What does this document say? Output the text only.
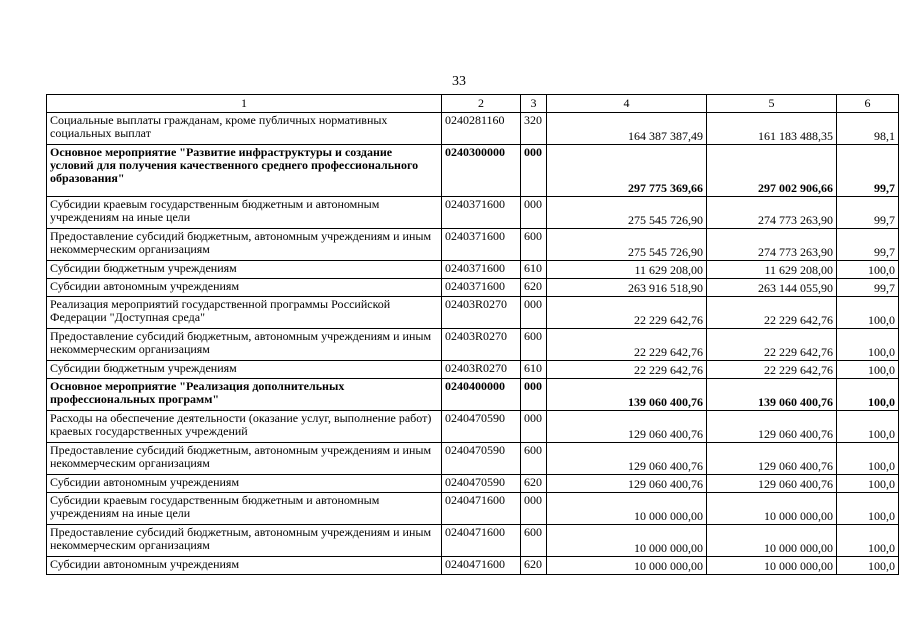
33
1	2	3	4	5	6
Социальные выплаты гражданам, кроме публичных нормативных социальных выплат	0240281160	320	164 387 387,49	161 183 488,35	98,1
Основное мероприятие "Развитие инфраструктуры и создание условий для получения качественного среднего профессионального образования"	0240300000	000	297 775 369,66	297 002 906,66	99,7
Субсидии краевым государственным бюджетным и автономным учреждениям на иные цели	0240371600	000	275 545 726,90	274 773 263,90	99,7
Предоставление субсидий бюджетным, автономным учреждениям и иным некоммерческим организациям	0240371600	600	275 545 726,90	274 773 263,90	99,7
Субсидии бюджетным учреждениям	0240371600	610	11 629 208,00	11 629 208,00	100,0
Субсидии автономным учреждениям	0240371600	620	263 916 518,90	263 144 055,90	99,7
Реализация мероприятий государственной программы Российской Федерации "Доступная среда"	02403R0270	000	22 229 642,76	22 229 642,76	100,0
Предоставление субсидий бюджетным, автономным учреждениям и иным некоммерческим организациям	02403R0270	600	22 229 642,76	22 229 642,76	100,0
Субсидии бюджетным учреждениям	02403R0270	610	22 229 642,76	22 229 642,76	100,0
Основное мероприятие "Реализация дополнительных профессиональных программ"	0240400000	000	139 060 400,76	139 060 400,76	100,0
Расходы на обеспечение деятельности (оказание услуг, выполнение работ) краевых государственных учреждений	0240470590	000	129 060 400,76	129 060 400,76	100,0
Предоставление субсидий бюджетным, автономным учреждениям и иным некоммерческим организациям	0240470590	600	129 060 400,76	129 060 400,76	100,0
Субсидии автономным учреждениям	0240470590	620	129 060 400,76	129 060 400,76	100,0
Субсидии краевым государственным бюджетным и автономным учреждениям на иные цели	0240471600	000	10 000 000,00	10 000 000,00	100,0
Предоставление субсидий бюджетным, автономным учреждениям и иным некоммерческим организациям	0240471600	600	10 000 000,00	10 000 000,00	100,0
Субсидии автономным учреждениям	0240471600	620	10 000 000,00	10 000 000,00	100,0
